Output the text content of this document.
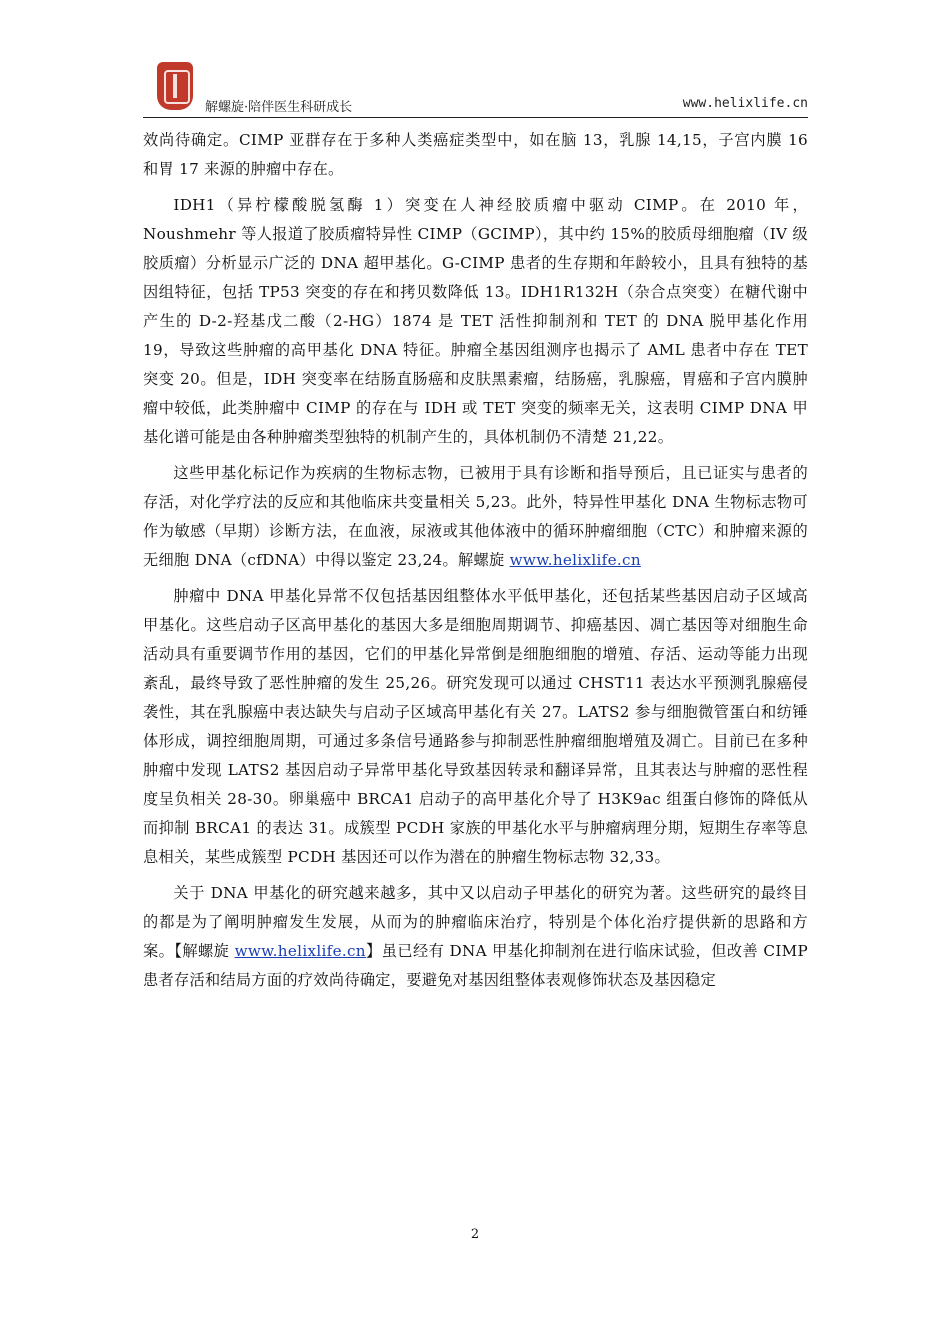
解螺旋·陪伴医生科研成长	www.helixlife.cn

效尚待确定。CIMP 亚群存在于多种人类癌症类型中，如在脑 13，乳腺 14,15，子宫内膜 16 和胃 17 来源的肿瘤中存在。

IDH1（异柠檬酸脱氢酶 1）突变在人神经胶质瘤中驱动 CIMP。在 2010 年，Noushmehr 等人报道了胶质瘤特异性 CIMP（GCIMP），其中约 15%的胶质母细胞瘤（IV 级胶质瘤）分析显示广泛的 DNA 超甲基化。G-CIMP 患者的生存期和年龄较小，且具有独特的基因组特征，包括 TP53 突变的存在和拷贝数降低 13。IDH1R132H（杂合点突变）在糖代谢中产生的 D-2-羟基戊二酸（2-HG）1874 是 TET 活性抑制剂和 TET 的 DNA 脱甲基化作用 19，导致这些肿瘤的高甲基化 DNA 特征。肿瘤全基因组测序也揭示了 AML 患者中存在 TET 突变 20。但是，IDH 突变率在结肠直肠癌和皮肤黑素瘤，结肠癌，乳腺癌，胃癌和子宫内膜肿瘤中较低，此类肿瘤中 CIMP 的存在与 IDH 或 TET 突变的频率无关，这表明 CIMP DNA 甲基化谱可能是由各种肿瘤类型独特的机制产生的，具体机制仍不清楚 21,22。

这些甲基化标记作为疾病的生物标志物，已被用于具有诊断和指导预后，且已证实与患者的存活，对化学疗法的反应和其他临床共变量相关 5,23。此外，特异性甲基化 DNA 生物标志物可作为敏感（早期）诊断方法，在血液，尿液或其他体液中的循环肿瘤细胞（CTC）和肿瘤来源的无细胞 DNA（cfDNA）中得以鉴定 23,24。解螺旋 www.helixlife.cn

肿瘤中 DNA 甲基化异常不仅包括基因组整体水平低甲基化，还包括某些基因启动子区域高甲基化。这些启动子区高甲基化的基因大多是细胞周期调节、抑癌基因、凋亡基因等对细胞生命活动具有重要调节作用的基因，它们的甲基化异常倒是细胞细胞的增殖、存活、运动等能力出现紊乱，最终导致了恶性肿瘤的发生 25,26。研究发现可以通过 CHST11 表达水平预测乳腺癌侵袭性，其在乳腺癌中表达缺失与启动子区域高甲基化有关 27。LATS2 参与细胞微管蛋白和纺锤体形成，调控细胞周期，可通过多条信号通路参与抑制恶性肿瘤细胞增殖及凋亡。目前已在多种肿瘤中发现 LATS2 基因启动子异常甲基化导致基因转录和翻译异常，且其表达与肿瘤的恶性程度呈负相关 28-30。卵巢癌中 BRCA1 启动子的高甲基化介导了 H3K9ac 组蛋白修饰的降低从而抑制 BRCA1 的表达 31。成簇型 PCDH 家族的甲基化水平与肿瘤病理分期，短期生存率等息息相关，某些成簇型 PCDH 基因还可以作为潜在的肿瘤生物标志物 32,33。

关于 DNA 甲基化的研究越来越多，其中又以启动子甲基化的研究为著。这些研究的最终目的都是为了阐明肿瘤发生发展，从而为的肿瘤临床治疗，特别是个体化治疗提供新的思路和方案。【解螺旋 www.helixlife.cn】虽已经有 DNA 甲基化抑制剂在进行临床试验，但改善 CIMP 患者存活和结局方面的疗效尚待确定，要避免对基因组整体表观修饰状态及基因稳定

2
